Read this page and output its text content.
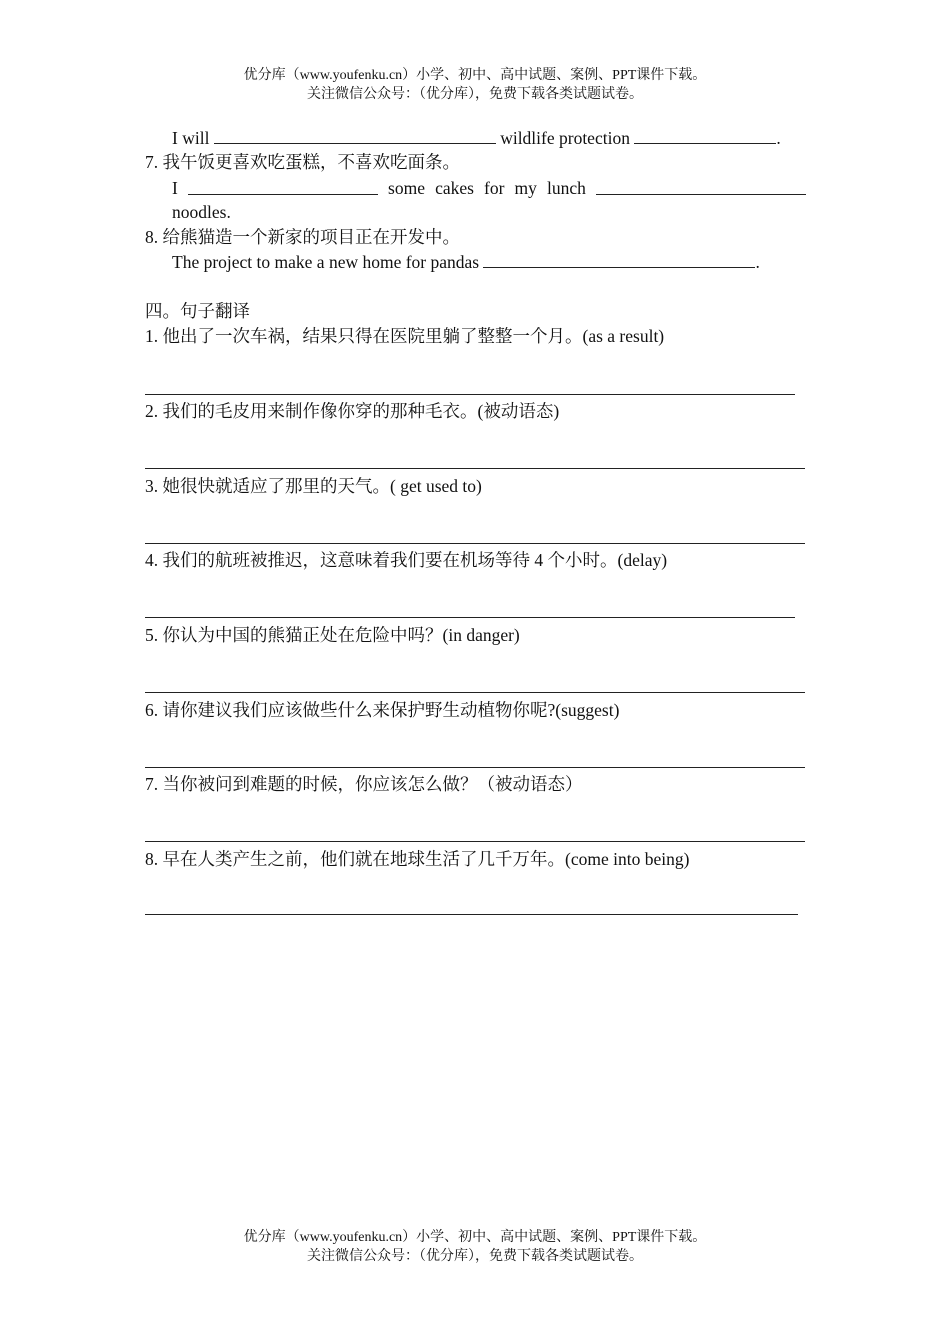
优分库（www.youfenku.cn）小学、初中、高中试题、案例、PPT课件下载。
关注微信公众号：（优分库），免费下载各类试题试卷。
I will	wildlife protection	.
7. 我午饭更喜欢吃蛋糕，不喜欢吃面条。
I	some cakes for my lunch
noodles.
8. 给熊猫造一个新家的项目正在开发中。
The project to make a new home for pandas	.
四。句子翻译
1. 他出了一次车祸，结果只得在医院里躺了整整一个月。(as a result)
2. 我们的毛皮用来制作像你穿的那种毛衣。(被动语态)
3. 她很快就适应了那里的天气。( get used to)
4. 我们的航班被推迟，这意味着我们要在机场等待 4 个小时。(delay)
5. 你认为中国的熊猫正处在危险中吗？(in danger)
6. 请你建议我们应该做些什么来保护野生动植物你呢?(suggest)
7. 当你被问到难题的时候，你应该怎么做？（被动语态）
8. 早在人类产生之前，他们就在地球生活了几千万年。(come into being)
优分库（www.youfenku.cn）小学、初中、高中试题、案例、PPT课件下载。
关注微信公众号：（优分库），免费下载各类试题试卷。
